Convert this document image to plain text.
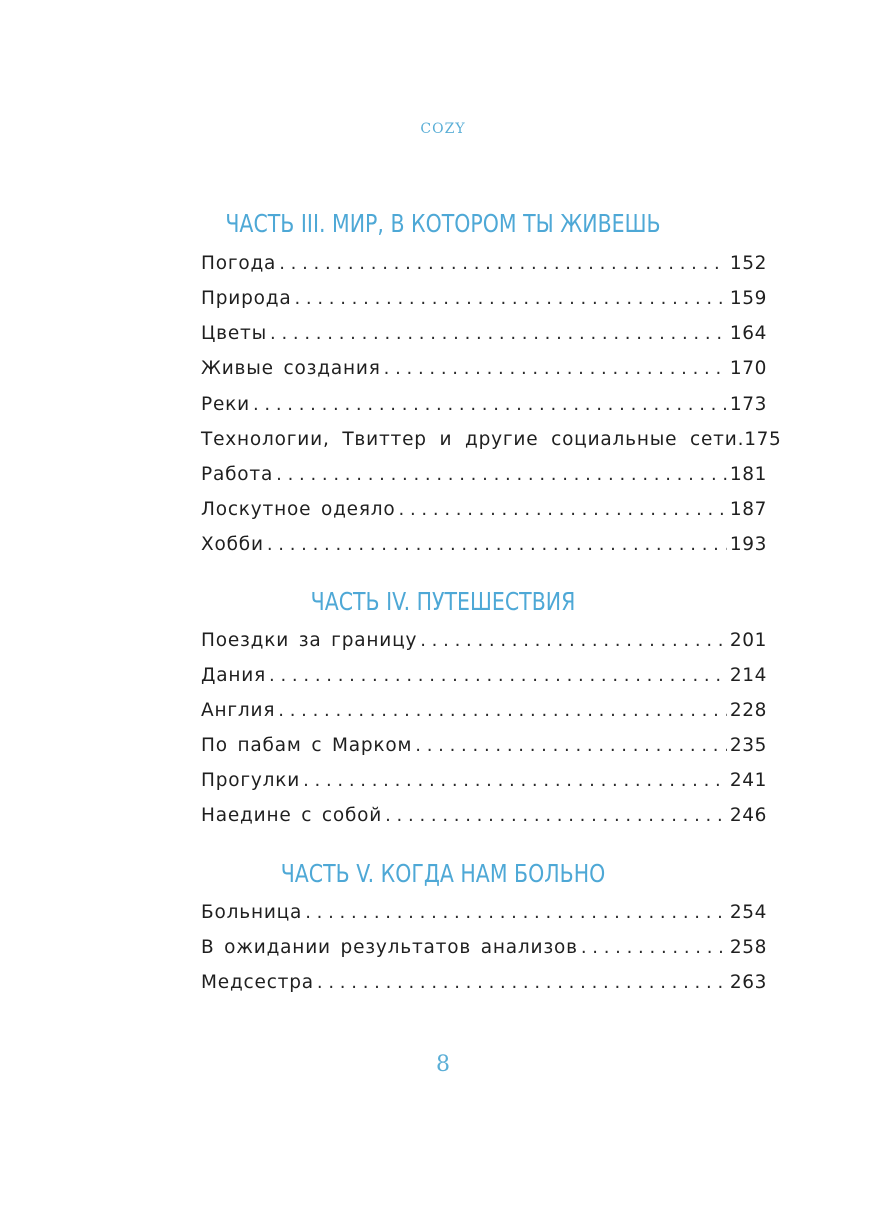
COZY
ЧАСТЬ III. МИР, В КОТОРОМ ТЫ ЖИВЕШЬ
Погода . . .	152
Природа . . .	159
Цветы . . .	164
Живые создания . . .	170
Реки . . .	173
Технологии, Твиттер и другие социальные сети. 175
Работа . . .	181
Лоскутное одеяло . . .	187
Хобби . . .	193
ЧАСТЬ IV. ПУТЕШЕСТВИЯ
Поездки за границу . . .	201
Дания . . .	214
Англия . . .	228
По пабам с Марком . . .	235
Прогулки . . .	241
Наедине с собой . . .	246
ЧАСТЬ V. КОГДА НАМ БОЛЬНО
Больница . . .	254
В ожидании результатов анализов . . .	258
Медсестра . . .	263
8
